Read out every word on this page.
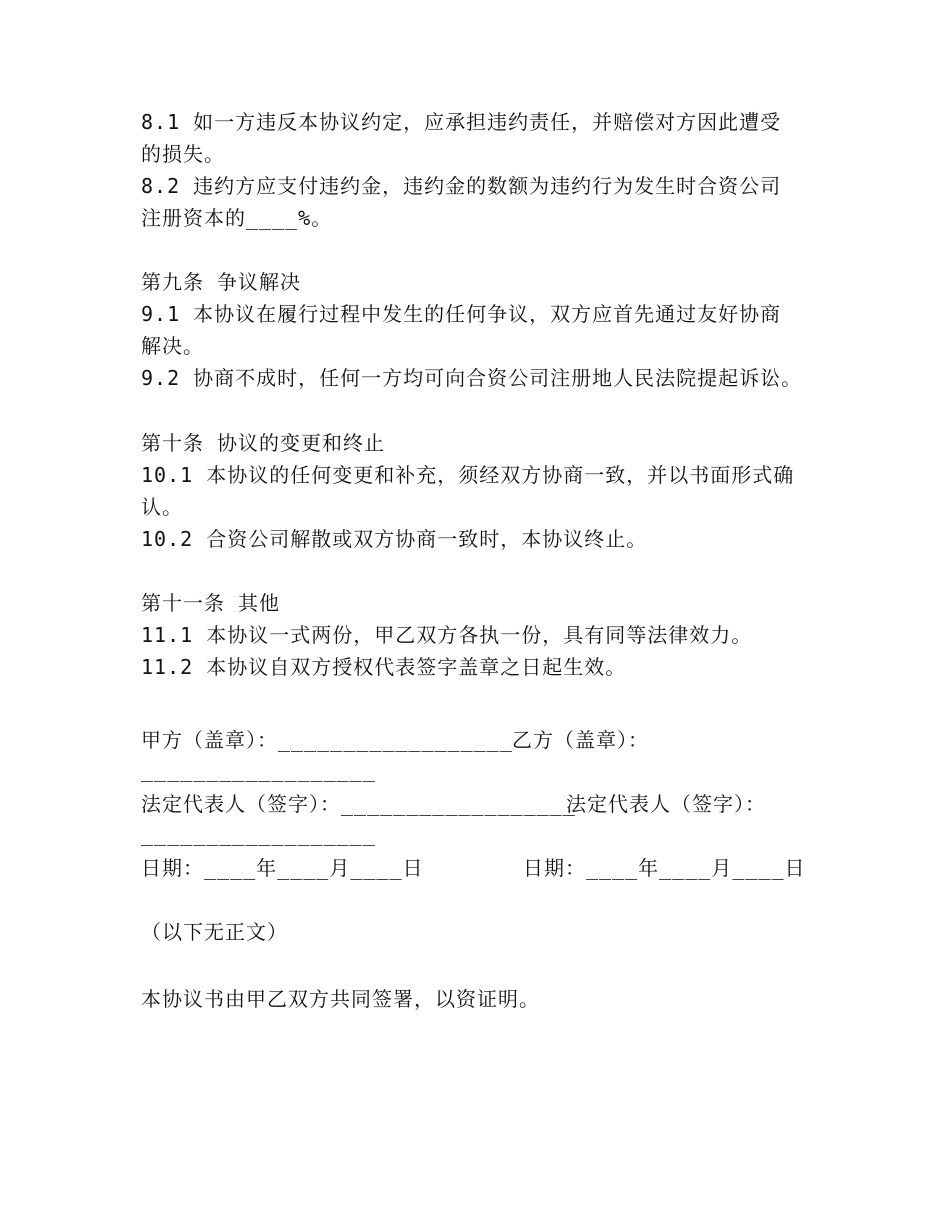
8.1 如一方违反本协议约定，应承担违约责任，并赔偿对方因此遭受
的损失。
8.2 违约方应支付违约金，违约金的数额为违约行为发生时合资公司
注册资本的____%。
第九条 争议解决
9.1 本协议在履行过程中发生的任何争议，双方应首先通过友好协商
解决。
9.2 协商不成时，任何一方均可向合资公司注册地人民法院提起诉讼。
第十条 协议的变更和终止
10.1 本协议的任何变更和补充，须经双方协商一致，并以书面形式确
认。
10.2 合资公司解散或双方协商一致时，本协议终止。
第十一条 其他
11.1 本协议一式两份，甲乙双方各执一份，具有同等法律效力。
11.2 本协议自双方授权代表签字盖章之日起生效。
甲方（盖章）：__________________ 乙方（盖章）：
__________________
法定代表人（签字）：__________________
法定代表人（签字）：
__________________
日期：____年____月____日	日期：____年____月____日
（以下无正文）
本协议书由甲乙双方共同签署，以资证明。
